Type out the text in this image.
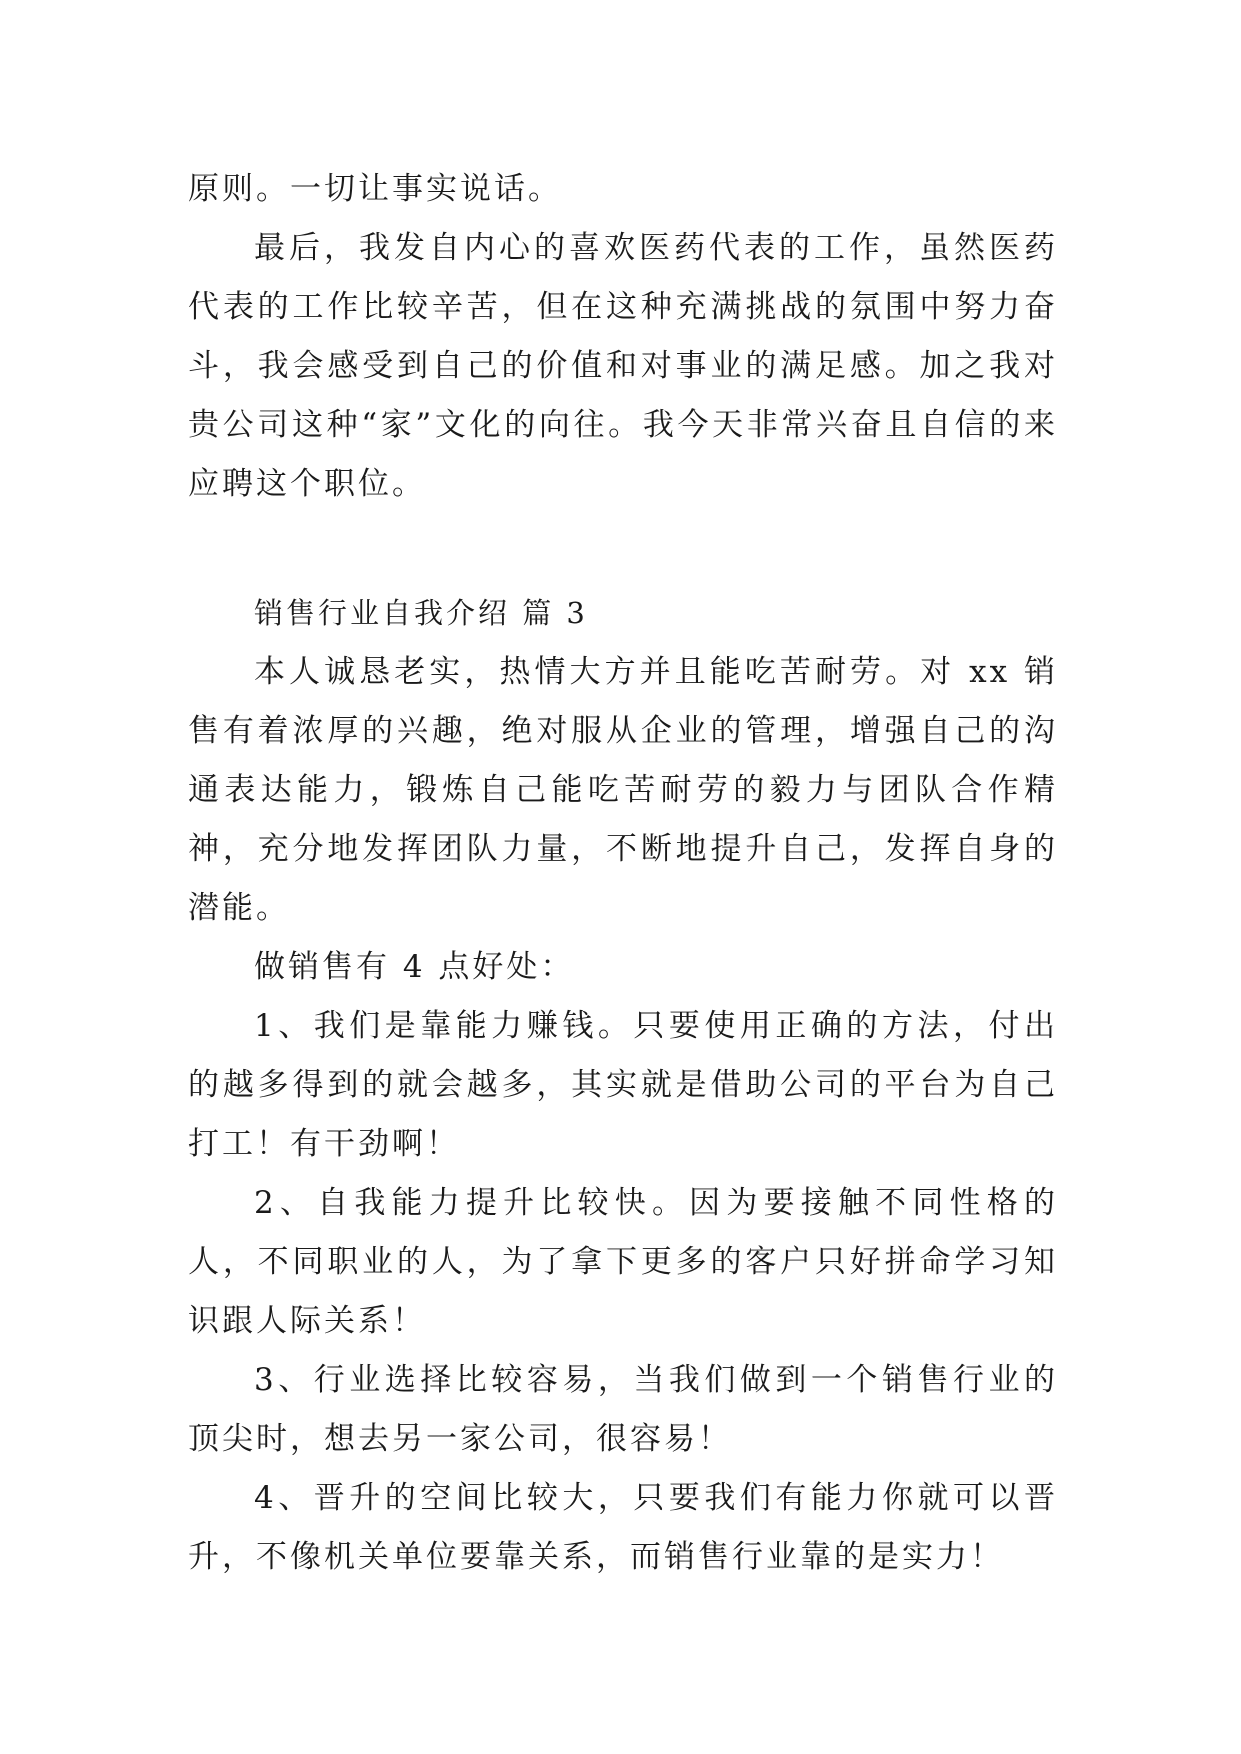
原则。一切让事实说话。

最后，我发自内心的喜欢医药代表的工作，虽然医药代表的工作比较辛苦，但在这种充满挑战的氛围中努力奋斗，我会感受到自己的价值和对事业的满足感。加之我对贵公司这种“家”文化的向往。我今天非常兴奋且自信的来应聘这个职位。

销售行业自我介绍 篇 3

本人诚恳老实，热情大方并且能吃苦耐劳。对 xx 销售有着浓厚的兴趣，绝对服从企业的管理，增强自己的沟通表达能力，锻炼自己能吃苦耐劳的毅力与团队合作精神，充分地发挥团队力量，不断地提升自己，发挥自身的潜能。

做销售有 4 点好处：

1、我们是靠能力赚钱。只要使用正确的方法，付出的越多得到的就会越多，其实就是借助公司的平台为自己打工！有干劲啊！

2、自我能力提升比较快。因为要接触不同性格的人，不同职业的人，为了拿下更多的客户只好拼命学习知识跟人际关系！

3、行业选择比较容易，当我们做到一个销售行业的顶尖时，想去另一家公司，很容易！

4、晋升的空间比较大，只要我们有能力你就可以晋升，不像机关单位要靠关系，而销售行业靠的是实力！
